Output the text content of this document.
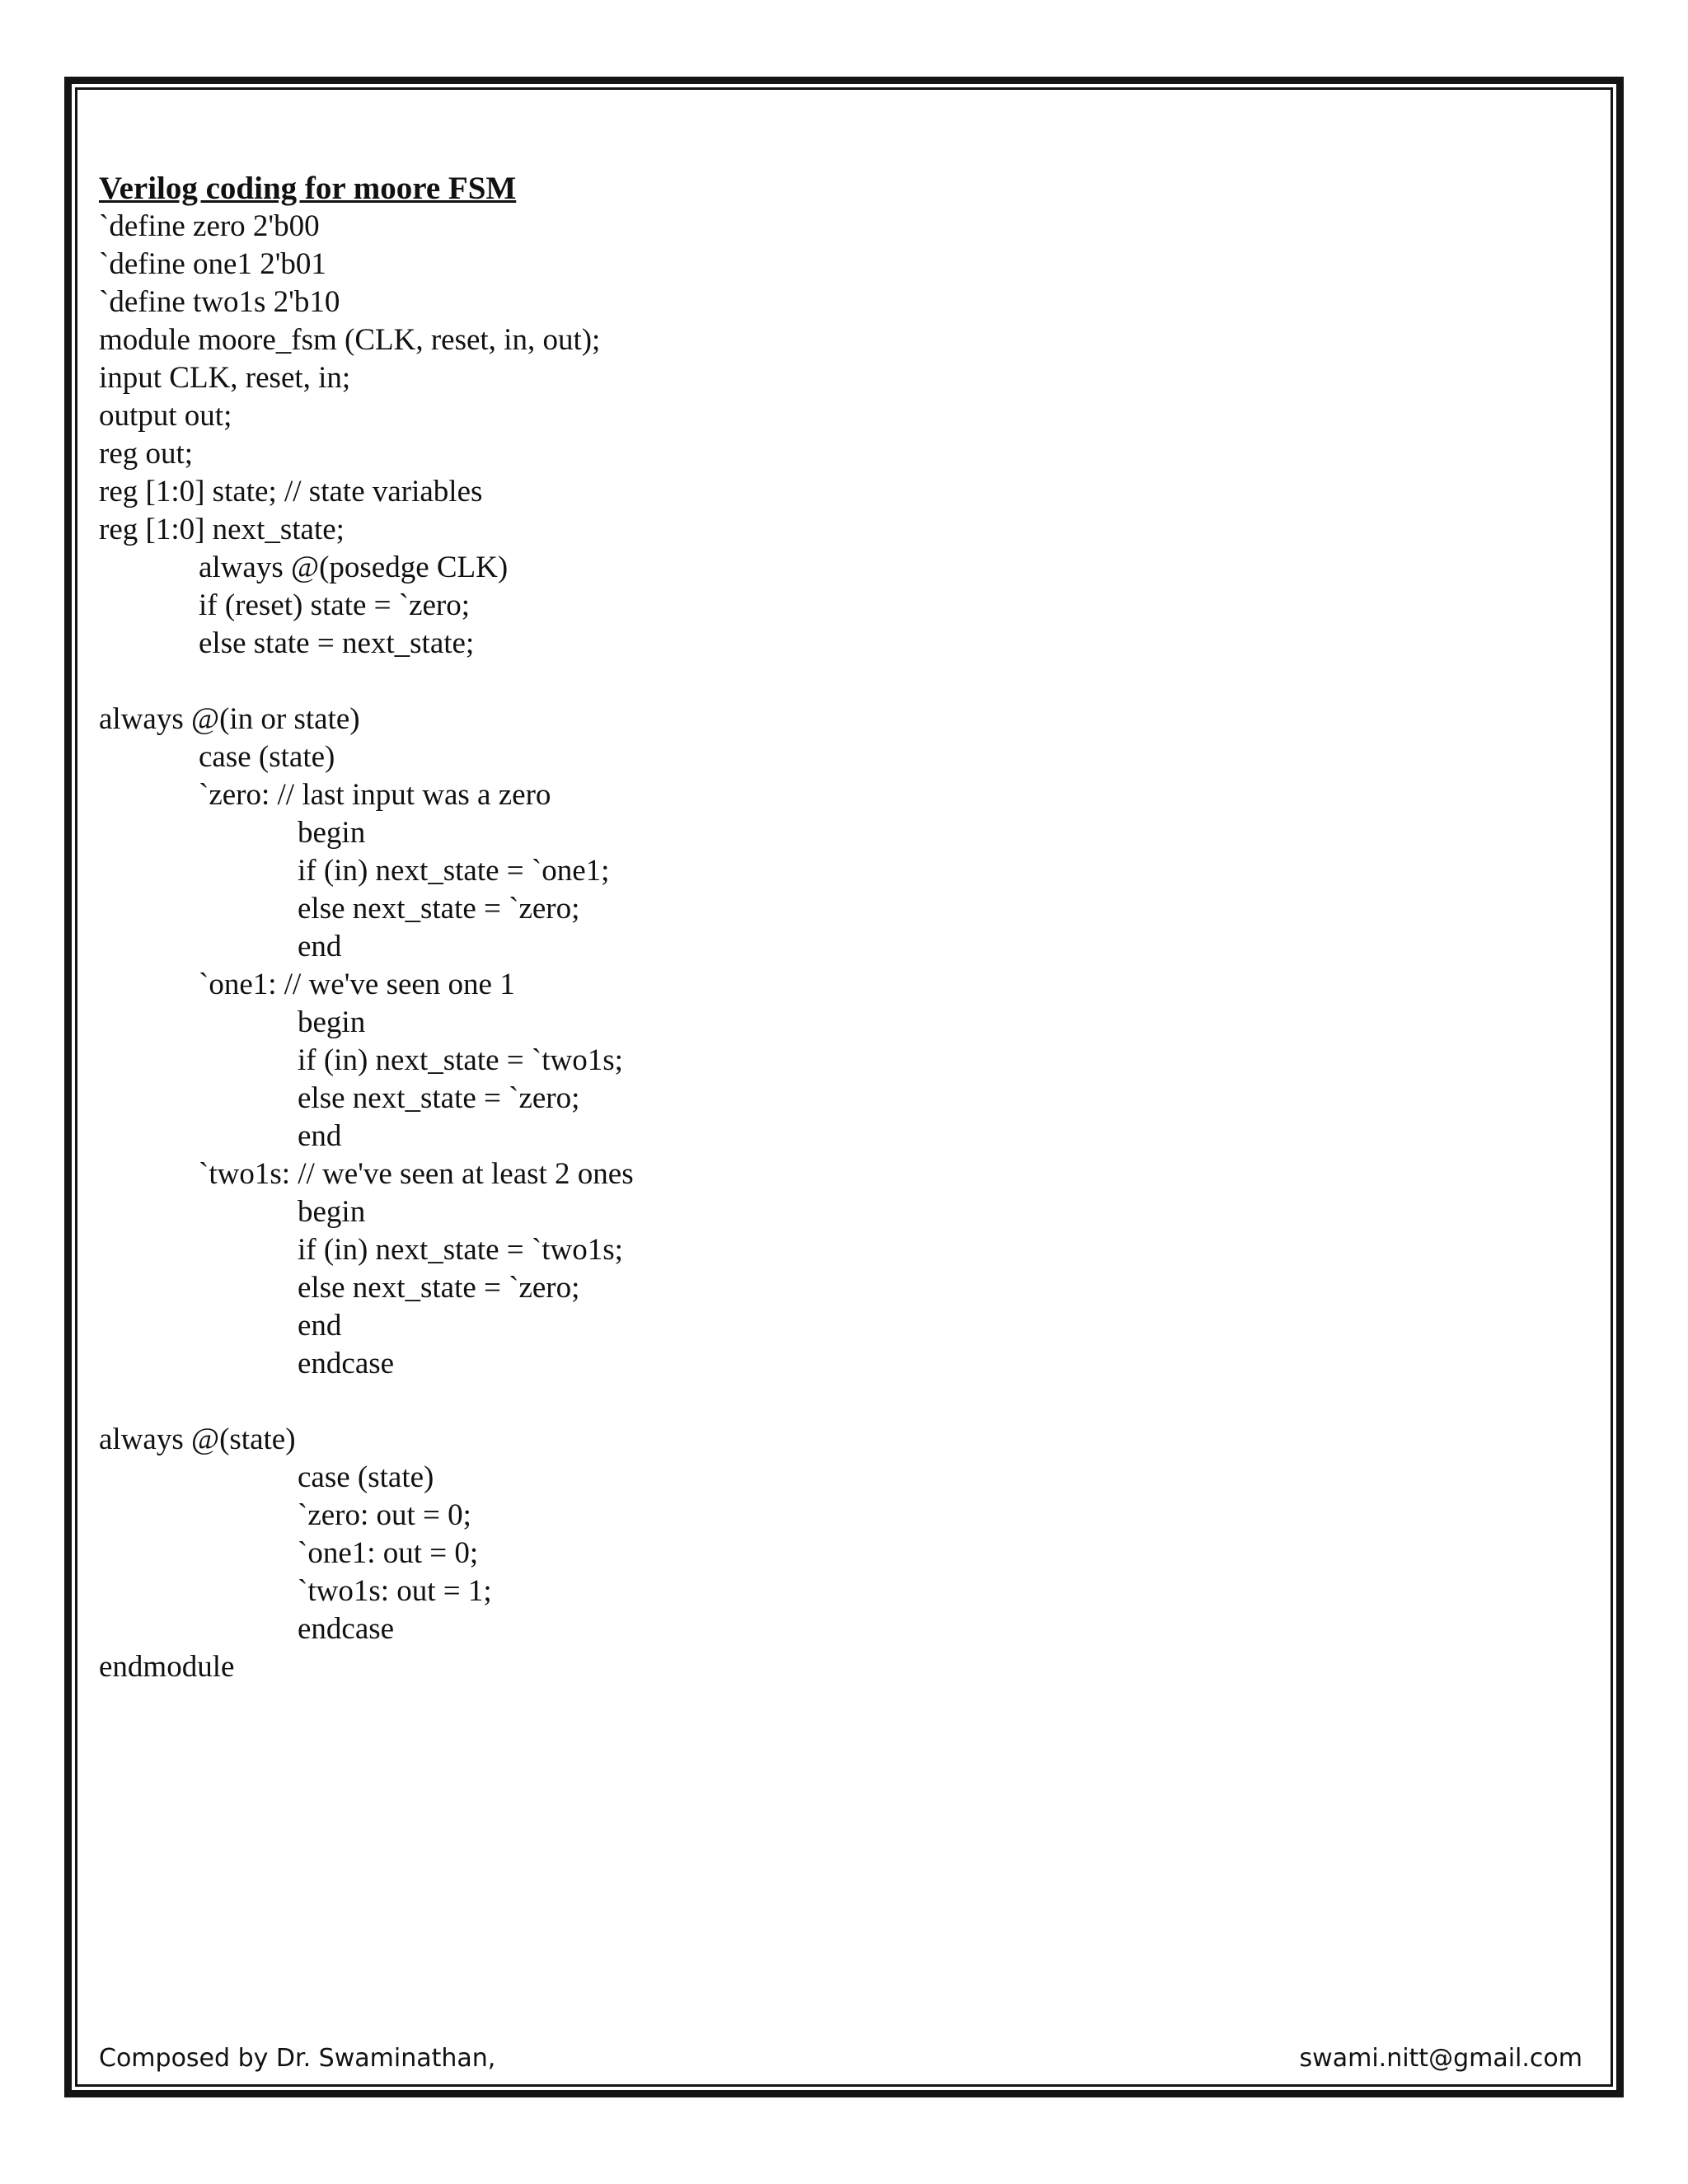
Verilog coding for moore FSM
`define zero 2'b00
`define one1 2'b01
`define two1s 2'b10
module moore_fsm (CLK, reset, in, out);
input CLK, reset, in;
output out;
reg out;
reg [1:0] state; // state variables
reg [1:0] next_state;
always @(posedge CLK)
if (reset) state = `zero;
else state = next_state;
always @(in or state)
case (state)
`zero: // last input was a zero
begin
if (in) next_state = `one1;
else next_state = `zero;
end
`one1: // we've seen one 1
begin
if (in) next_state = `two1s;
else next_state = `zero;
end
`two1s: // we've seen at least 2 ones
begin
if (in) next_state = `two1s;
else next_state = `zero;
end
endcase
always @(state)
case (state)
`zero: out = 0;
`one1: out = 0;
`two1s: out = 1;
endcase
endmodule
Composed by Dr. Swaminathan,	swami.nitt@gmail.com
